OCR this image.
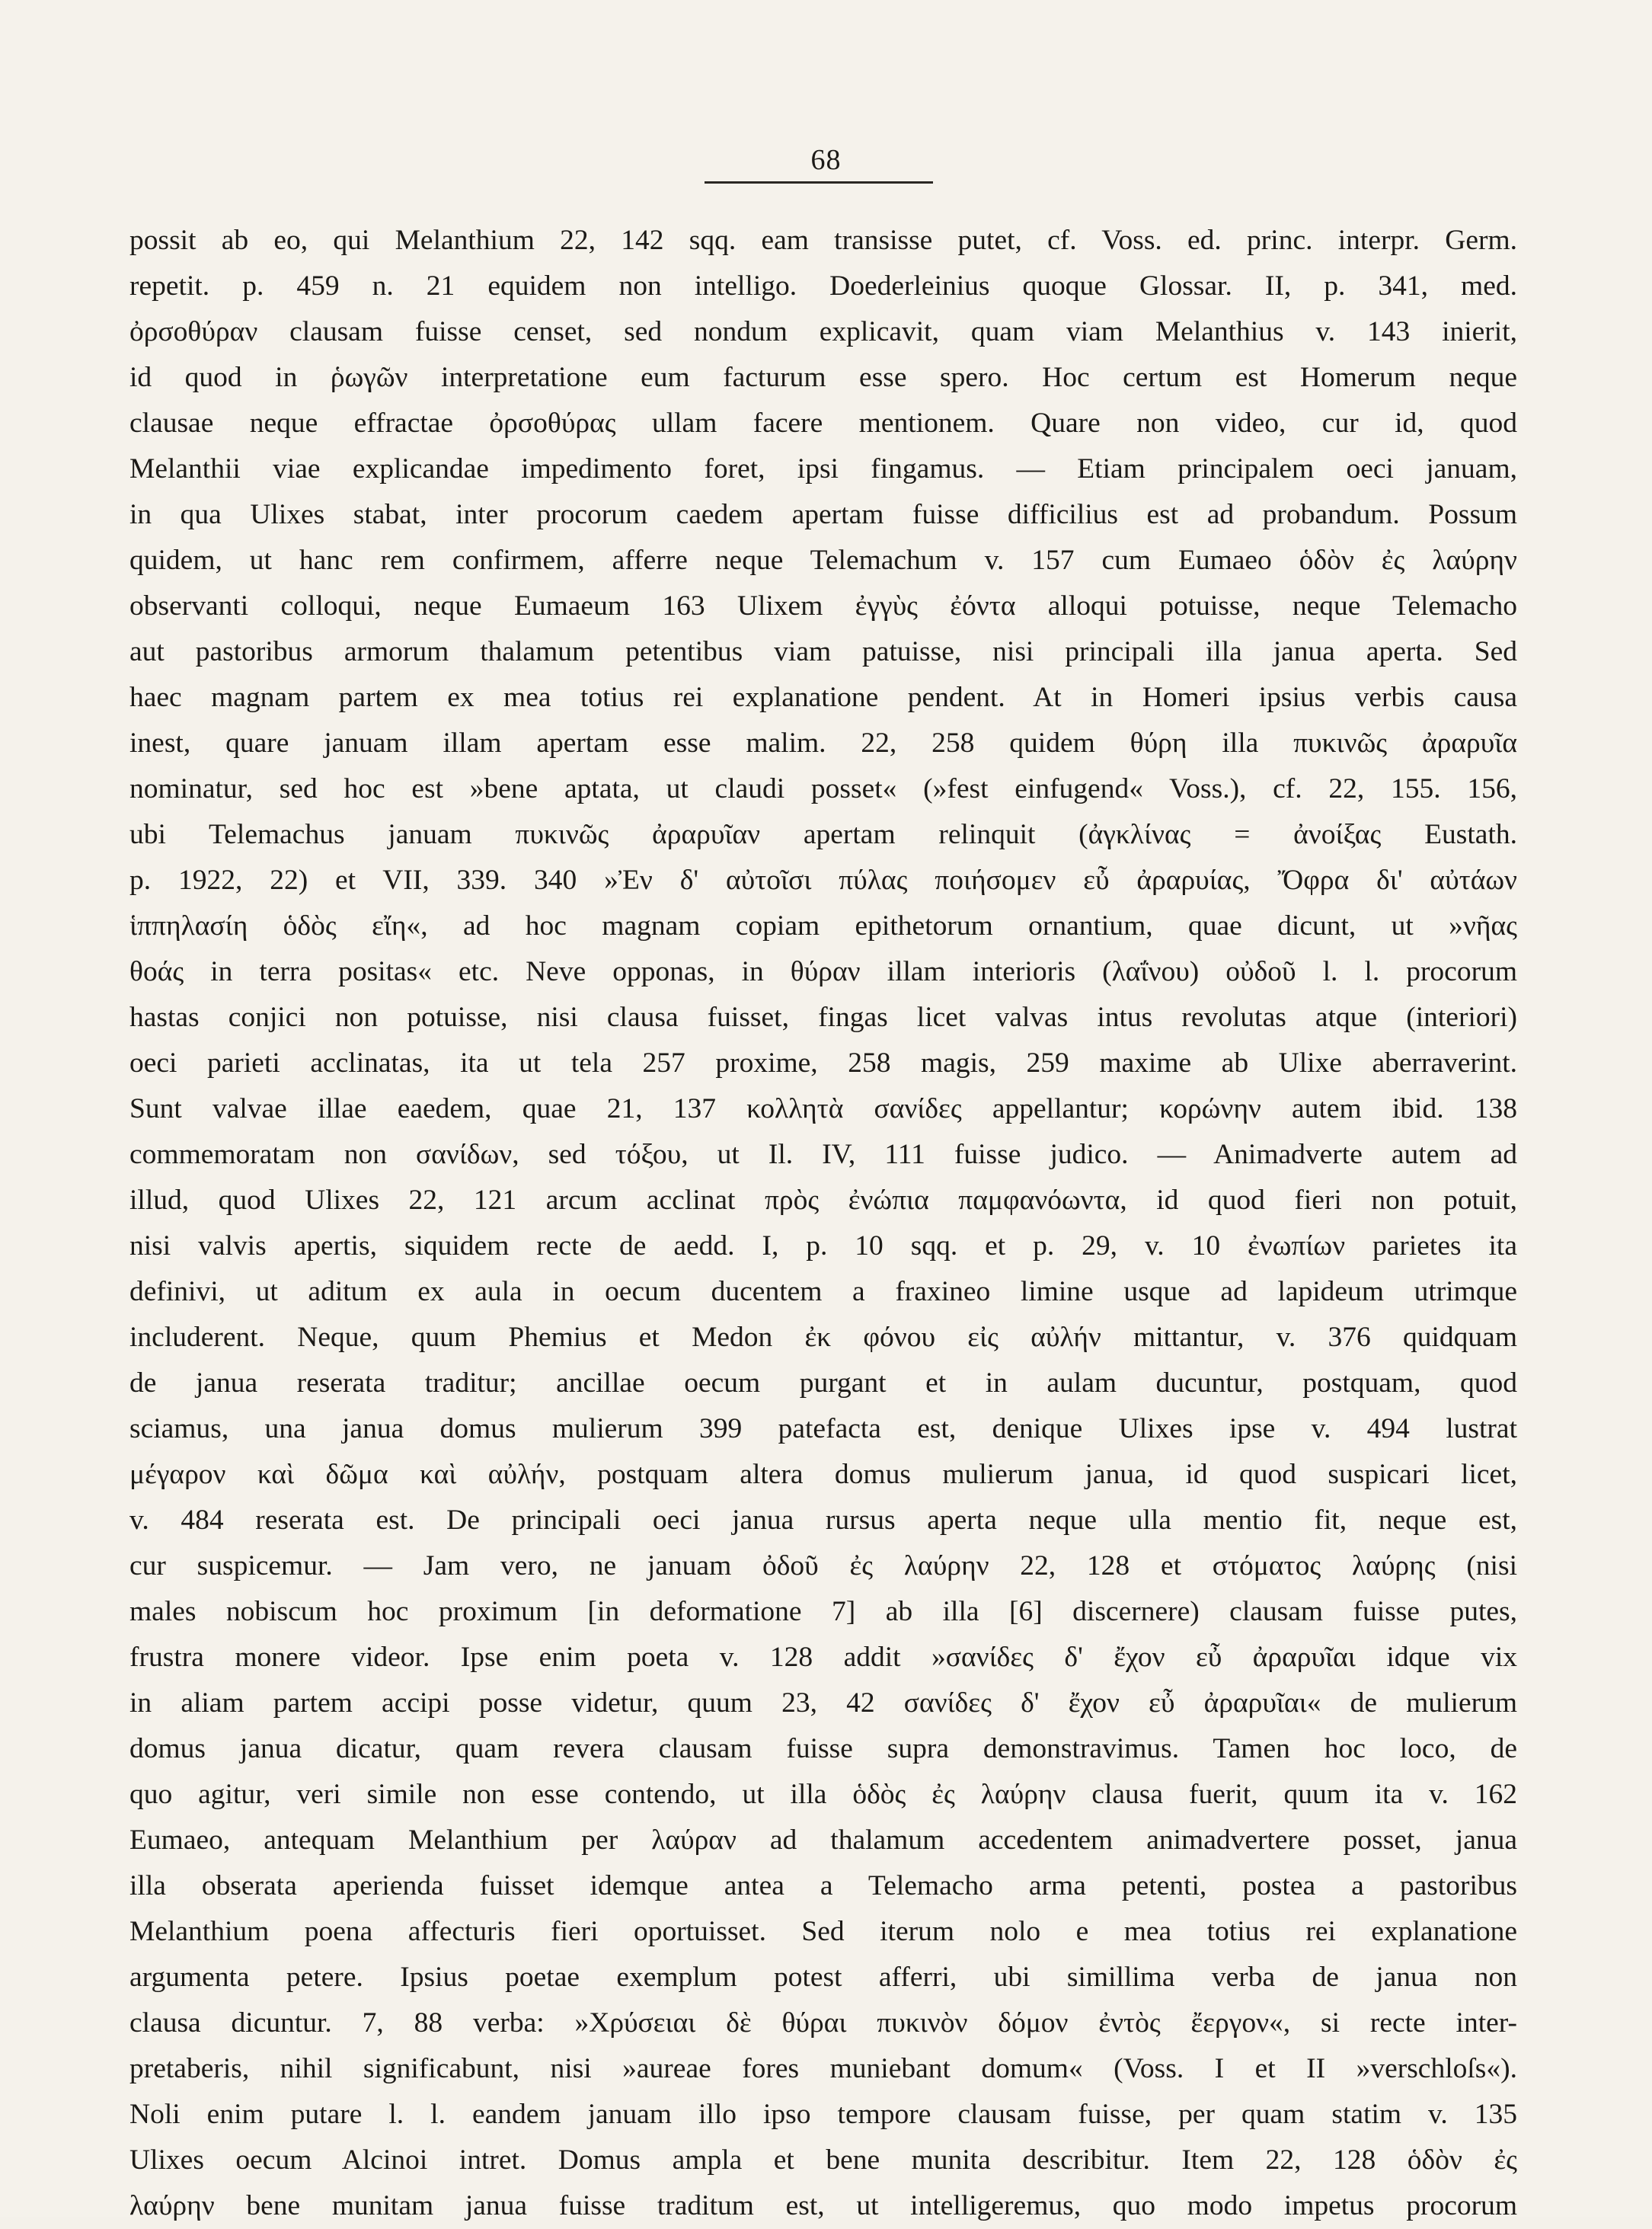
68
possit ab eo, qui Melanthium 22, 142 sqq. eam transisse putet, cf. Voss. ed. princ. interpr. Germ.
repetit. p. 459 n. 21 equidem non intelligo. Doederleinius quoque Glossar. II, p. 341, med.
ὀρσοθύραν clausam fuisse censet, sed nondum explicavit, quam viam Melanthius v. 143 inierit,
id quod in ῥωγῶν interpretatione eum facturum esse spero. Hoc certum est Homerum neque
clausae neque effractae ὀρσοθύρας ullam facere mentionem. Quare non video, cur id, quod
Melanthii viae explicandae impedimento foret, ipsi fingamus. — Etiam principalem oeci januam,
in qua Ulixes stabat, inter procorum caedem apertam fuisse difficilius est ad probandum. Possum
quidem, ut hanc rem confirmem, afferre neque Telemachum v. 157 cum Eumaeo ὁδὸν ἐς λαύρην
observanti colloqui, neque Eumaeum 163 Ulixem ἐγγὺς ἐόντα alloqui potuisse, neque Telemacho
aut pastoribus armorum thalamum petentibus viam patuisse, nisi principali illa janua aperta. Sed
haec magnam partem ex mea totius rei explanatione pendent. At in Homeri ipsius verbis causa
inest, quare januam illam apertam esse malim. 22, 258 quidem θύρη illa πυκινῶς ἀραρυῖα
nominatur, sed hoc est »bene aptata, ut claudi posset« (»fest einfugend« Voss.), cf. 22, 155. 156,
ubi Telemachus januam πυκινῶς ἀραρυῖαν apertam relinquit (ἀγκλίνας = ἀνοίξας Eustath.
p. 1922, 22) et VII, 339. 340 »Ἐν δ' αὐτοῖσι πύλας ποιήσομεν εὖ ἀραρυίας, Ὄφρα δι' αὐτάων
ἱππηλασίη ὁδὸς εἴη«, ad hoc magnam copiam epithetorum ornantium, quae dicunt, ut »νῆας
θοάς in terra positas« etc. Neve opponas, in θύραν illam interioris (λαΐνου) οὐδοῦ l. l. procorum
hastas conjici non potuisse, nisi clausa fuisset, fingas licet valvas intus revolutas atque (interiori)
oeci parieti acclinatas, ita ut tela 257 proxime, 258 magis, 259 maxime ab Ulixe aberraverint.
Sunt valvae illae eaedem, quae 21, 137 κολλητὰ σανίδες appellantur; κορώνην autem ibid. 138
commemoratam non σανίδων, sed τόξου, ut Il. IV, 111 fuisse judico. — Animadverte autem ad
illud, quod Ulixes 22, 121 arcum acclinat πρὸς ἐνώπια παμφανόωντα, id quod fieri non potuit,
nisi valvis apertis, siquidem recte de aedd. I, p. 10 sqq. et p. 29, v. 10 ἐνωπίων parietes ita
definivi, ut aditum ex aula in oecum ducentem a fraxineo limine usque ad lapideum utrimque
includerent. Neque, quum Phemius et Medon ἐκ φόνου εἰς αὐλήν mittantur, v. 376 quidquam
de janua reserata traditur; ancillae oecum purgant et in aulam ducuntur, postquam, quod
sciamus, una janua domus mulierum 399 patefacta est, denique Ulixes ipse v. 494 lustrat
μέγαρον καὶ δῶμα καὶ αὐλήν, postquam altera domus mulierum janua, id quod suspicari licet,
v. 484 reserata est. De principali oeci janua rursus aperta neque ulla mentio fit, neque est,
cur suspicemur. — Jam vero, ne januam ὀδοῦ ἐς λαύρην 22, 128 et στόματος λαύρης (nisi
males nobiscum hoc proximum [in deformatione 7] ab illa [6] discernere) clausam fuisse putes,
frustra monere videor. Ipse enim poeta v. 128 addit »σανίδες δ' ἔχον εὖ ἀραρυῖαι idque vix
in aliam partem accipi posse videtur, quum 23, 42 σανίδες δ' ἔχον εὖ ἀραρυῖαι« de mulierum
domus janua dicatur, quam revera clausam fuisse supra demonstravimus. Tamen hoc loco, de
quo agitur, veri simile non esse contendo, ut illa ὁδὸς ἐς λαύρην clausa fuerit, quum ita v. 162
Eumaeo, antequam Melanthium per λαύραν ad thalamum accedentem animadvertere posset, janua
illa obserata aperienda fuisset idemque antea a Telemacho arma petenti, postea a pastoribus
Melanthium poena affecturis fieri oportuisset. Sed iterum nolo e mea totius rei explanatione
argumenta petere. Ipsius poetae exemplum potest afferri, ubi simillima verba de janua non
clausa dicuntur. 7, 88 verba: »Χρύσειαι δὲ θύραι πυκινὸν δόμον ἐντὸς ἔεργον«, si recte inter-
pretaberis, nihil significabunt, nisi »aureae fores muniebant domum« (Voss. I et II »verschloſs«).
Noli enim putare l. l. eandem januam illo ipso tempore clausam fuisse, per quam statim v. 135
Ulixes oecum Alcinoi intret. Domus ampla et bene munita describitur. Item 22, 128 ὁδὸν ἐς
λαύρην bene munitam janua fuisse traditum est, ut intelligeremus, quo modo impetus procorum
